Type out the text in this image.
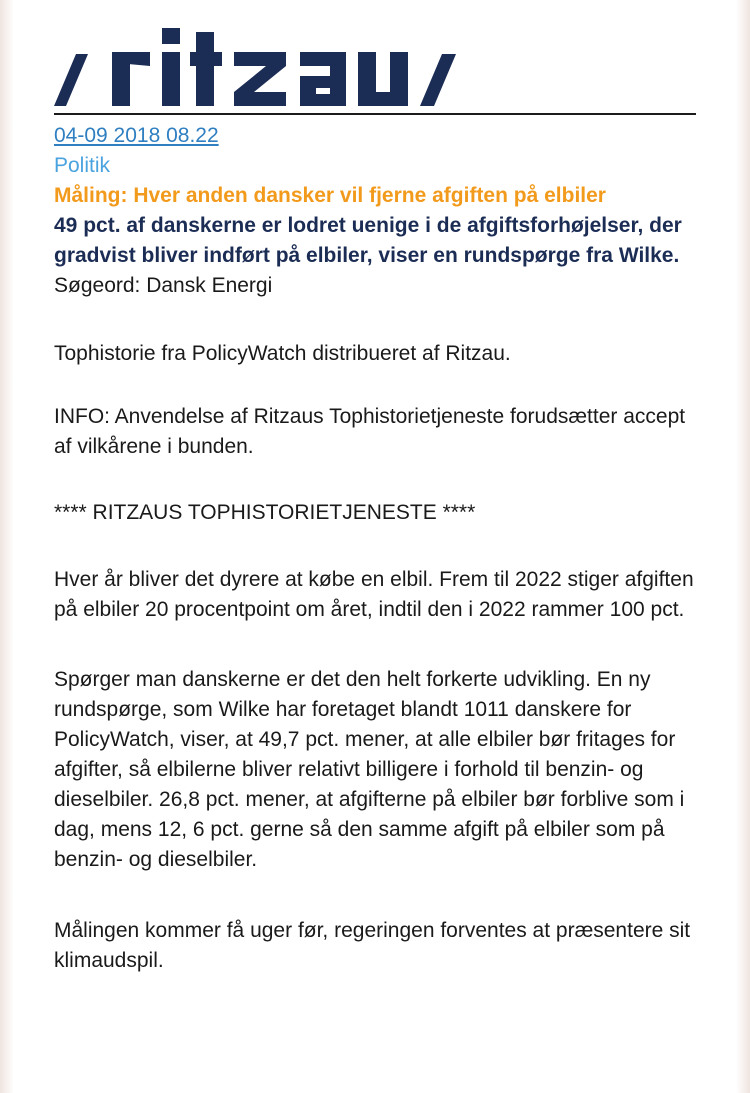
04-09 2018 08.22
Politik
Måling: Hver anden dansker vil fjerne afgiften på elbiler
49 pct. af danskerne er lodret uenige i de afgiftsforhøjelser, der gradvist bliver indført på elbiler, viser en rundspørge fra Wilke.
Søgeord: Dansk Energi

Tophistorie fra PolicyWatch distribueret af Ritzau.

INFO: Anvendelse af Ritzaus Tophistorietjeneste forudsætter accept af vilkårene i bunden.

**** RITZAUS TOPHISTORIETJENESTE ****

Hver år bliver det dyrere at købe en elbil. Frem til 2022 stiger afgiften på elbiler 20 procentpoint om året, indtil den i 2022 rammer 100 pct.

Spørger man danskerne er det den helt forkerte udvikling. En ny rundspørge, som Wilke har foretaget blandt 1011 danskere for PolicyWatch, viser, at 49,7 pct. mener, at alle elbiler bør fritages for afgifter, så elbilerne bliver relativt billigere i forhold til benzin- og dieselbiler. 26,8 pct. mener, at afgifterne på elbiler bør forblive som i dag, mens 12, 6 pct. gerne så den samme afgift på elbiler som på benzin- og dieselbiler.

Målingen kommer få uger før, regeringen forventes at præsentere sit klimaudspil.
